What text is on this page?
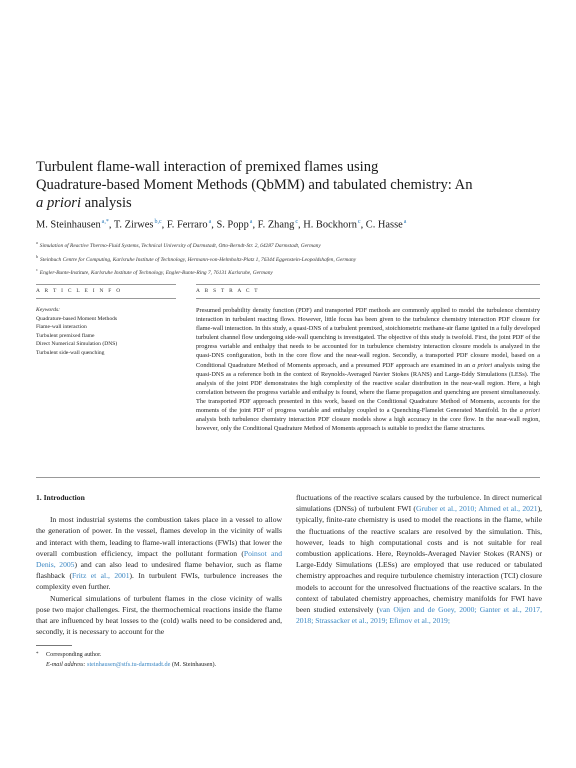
Turbulent flame-wall interaction of premixed flames using
Quadrature-based Moment Methods (QbMM) and tabulated chemistry: An
a priori analysis
M. Steinhausen$^{a,*}$, T. Zirwes$^{b,c}$, F. Ferraro$^a$, S. Popp$^a$, F. Zhang$^c$, H. Bockhorn$^c$, C. Hasse$^a$
$^a$Simulation of Reactive Thermo-Fluid Systems, Technical University of Darmstadt, Otto-Berndt-Str. 2, 64287 Darmstadt, Germany
$^b$Steinbuch Centre for Computing, Karlsruhe Institute of Technology, Hermann-von-Helmholtz-Platz 1, 76344 Eggenstein-Leopoldshafen, Germany
$^c$Engler-Bunte-Institute, Karlsruhe Institute of Technology, Engler-Bunte-Ring 7, 76131 Karlsruhe, Germany
A R T I C L E I N F O	A B S T R A C T
Keywords:
Quadrature-based Moment Methods
Flame-wall interaction
Turbulent premixed flame
Direct Numerical Simulation (DNS)
Turbulent side-wall quenching
Presumed probability density function (PDF) and transported PDF methods are commonly applied to model the turbulence chemistry interaction in turbulent reacting flows. However, little focus has been given to the turbulence chemistry interaction PDF closure for flame-wall interaction. In this study, a quasi-DNS of a turbulent premixed, stoichiometric methane-air flame ignited in a fully developed turbulent channel flow undergoing side-wall quenching is investigated. The objective of this study is twofold. First, the joint PDF of the progress variable and enthalpy that needs to be accounted for in turbulence chemistry interaction closure models is analyzed in the quasi-DNS configuration, both in the core flow and the near-wall region. Secondly, a transported PDF closure model, based on a Conditional Quadrature Method of Moments approach, and a presumed PDF approach are examined in an a priori analysis using the quasi-DNS as a reference both in the context of Reynolds-Averaged Navier Stokes (RANS) and Large-Eddy Simulations (LESs). The analysis of the joint PDF demonstrates the high complexity of the reactive scalar distribution in the near-wall region. Here, a high correlation between the progress variable and enthalpy is found, where the flame propagation and quenching are present simultaneously. The transported PDF approach presented in this work, based on the Conditional Quadrature Method of Moments, accounts for the moments of the joint PDF of progress variable and enthalpy coupled to a Quenching-Flamelet Generated Manifold. In the a priori analysis both turbulence chemistry interaction PDF closure models show a high accuracy in the core flow. In the near-wall region, however, only the Conditional Quadrature Method of Moments approach is suitable to predict the flame structures.
1. Introduction

In most industrial systems the combustion takes place in a vessel to allow the generation of power. In the vessel, flames develop in the vicinity of walls and interact with them, leading to flame-wall interactions (FWIs) that lower the overall combustion efficiency, impact the pollutant formation (Poinsot and Denis, 2005) and can also lead to undesired flame behavior, such as flame flashback (Fritz et al., 2001). In turbulent FWIs, turbulence increases the complexity even further.

Numerical simulations of turbulent flames in the close vicinity of walls pose two major challenges. First, the thermochemical reactions inside the flame that are influenced by heat losses to the (cold) walls need to be considered and, secondly, it is necessary to account for the

fluctuations of the reactive scalars caused by the turbulence. In direct numerical simulations (DNSs) of turbulent FWI (Gruber et al., 2010; Ahmed et al., 2021), typically, finite-rate chemistry is used to model the reactions in the flame, while the fluctuations of the reactive scalars are resolved by the simulation. This, however, leads to high computational costs and is not suitable for real combustion applications. Here, Reynolds-Averaged Navier Stokes (RANS) or Large-Eddy Simulations (LESs) are employed that use reduced or tabulated chemistry approaches and require turbulence chemistry interaction (TCI) closure models to account for the unresolved fluctuations of the reactive scalars. In the context of tabulated chemistry approaches, chemistry manifolds for FWI have been studied extensively (van Oijen and de Goey, 2000; Ganter et al., 2017, 2018; Strassacker et al., 2019; Efimov et al., 2019;

* Corresponding author.
E-mail address: steinhausen@stfs.tu-darmstadt.de (M. Steinhausen).
